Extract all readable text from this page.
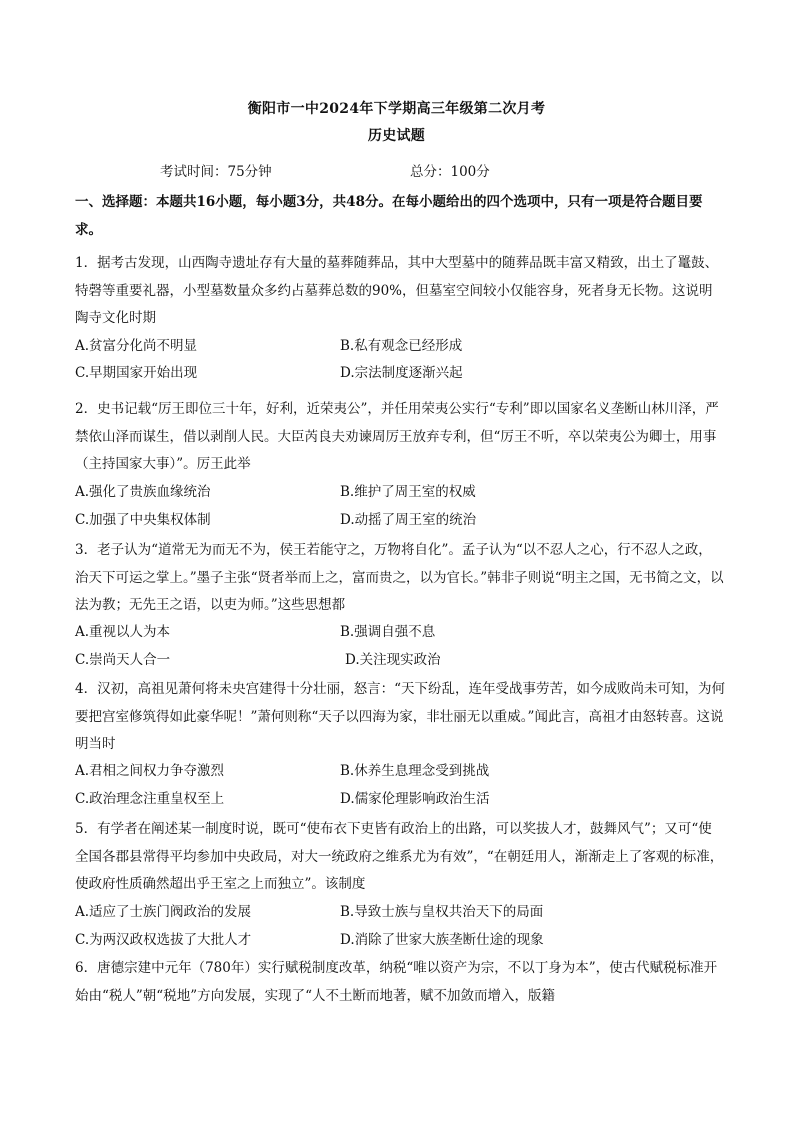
衡阳市一中2024年下学期高三年级第二次月考
历史试题
考试时间：75分钟	总分：100分
一、选择题：本题共16小题，每小题3分，共48分。在每小题给出的四个选项中，只有一项是符合题目要求。
1．据考古发现，山西陶寺遗址存有大量的墓葬随葬品，其中大型墓中的随葬品既丰富又精致，出土了鼍鼓、特磬等重要礼器，小型墓数量众多约占墓葬总数的90%，但墓室空间较小仅能容身，死者身无长物。这说明陶寺文化时期
A.贫富分化尚不明显	B.私有观念已经形成
C.早期国家开始出现	D.宗法制度逐渐兴起
2．史书记载“厉王即位三十年，好利，近荣夷公”，并任用荣夷公实行“专利”即以国家名义垄断山林川泽，严禁依山泽而谋生，借以剥削人民。大臣芮良夫劝谏周厉王放弃专利，但“厉王不听，卒以荣夷公为卿士，用事（主持国家大事）”。厉王此举
A.强化了贵族血缘统治	B.维护了周王室的权威
C.加强了中央集权体制	D.动摇了周王室的统治
3．老子认为“道常无为而无不为，侯王若能守之，万物将自化”。孟子认为“以不忍人之心，行不忍人之政，治天下可运之掌上。”墨子主张“贤者举而上之，富而贵之，以为官长。”韩非子则说“明主之国，无书简之文，以法为教；无先王之语，以吏为师。”这些思想都
A.重视以人为本	B.强调自强不息
C.崇尚天人合一	D.关注现实政治
4．汉初，高祖见萧何将未央宫建得十分壮丽，怒言：“天下纷乱，连年受战事劳苦，如今成败尚未可知，为何要把宫室修筑得如此豪华呢！”萧何则称“天子以四海为家，非壮丽无以重威。”闻此言，高祖才由怒转喜。这说明当时
A.君相之间权力争夺激烈	B.休养生息理念受到挑战
C.政治理念注重皇权至上	D.儒家伦理影响政治生活
5．有学者在阐述某一制度时说，既可“使布衣下吏皆有政治上的出路，可以奖拔人才，鼓舞风气”；又可“使全国各郡县常得平均参加中央政局，对大一统政府之维系尤为有效”，“在朝廷用人，渐渐走上了客观的标准，使政府性质确然超出乎王室之上而独立”。该制度
A.适应了士族门阀政治的发展	B.导致士族与皇权共治天下的局面
C.为两汉政权选拔了大批人才	D.消除了世家大族垄断仕途的现象
6．唐德宗建中元年（780年）实行赋税制度改革，纳税“唯以资产为宗，不以丁身为本”，使古代赋税标准开始由“税人”朝“税地”方向发展，实现了“人不土断而地著，赋不加敛而增入，版籍
